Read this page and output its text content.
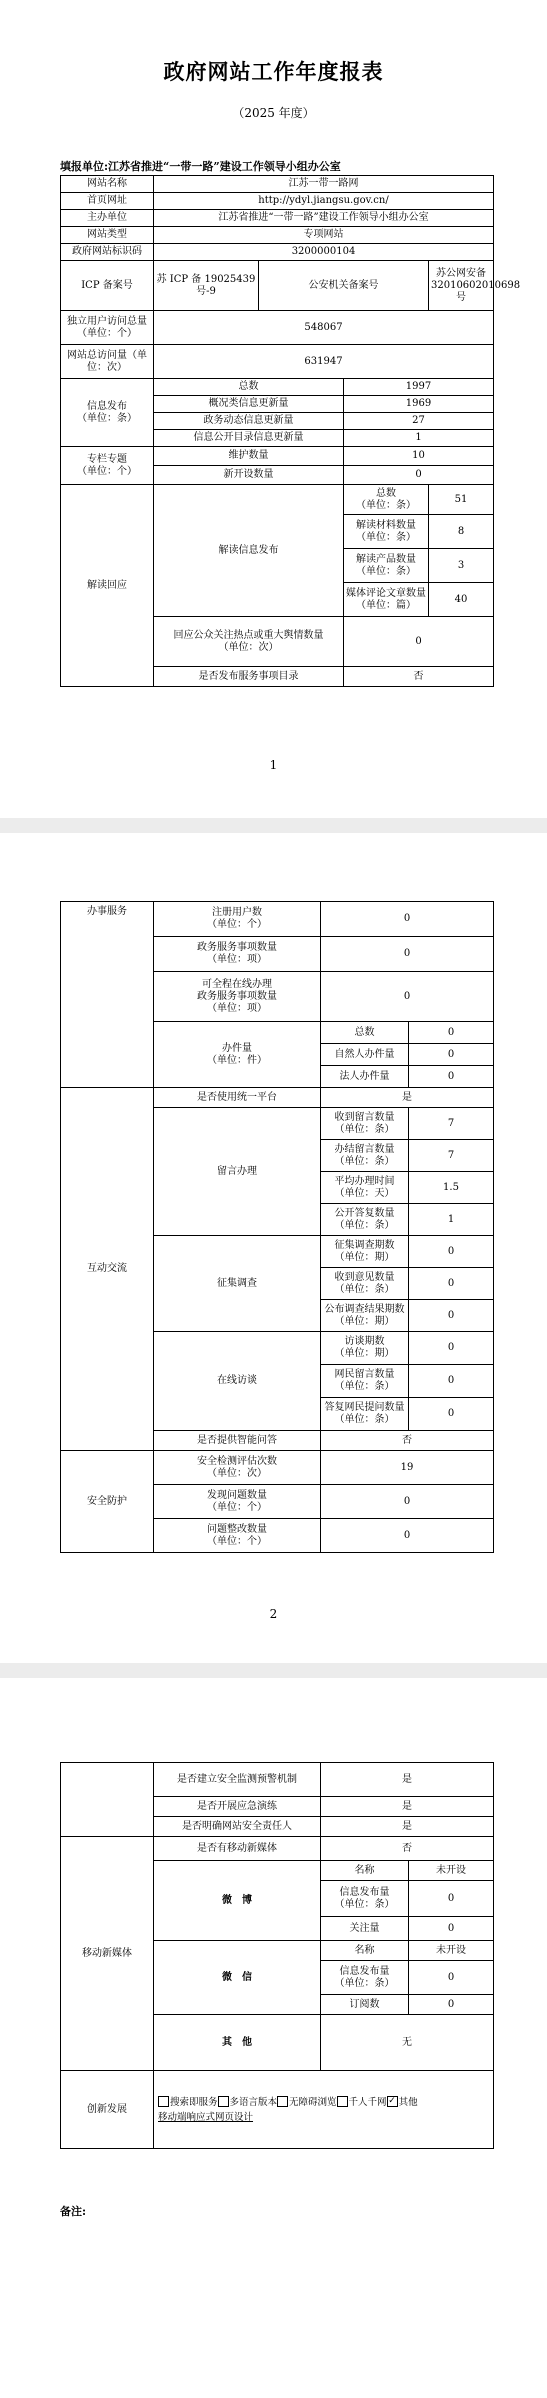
政府网站工作年度报表
（2025 年度）
填报单位:江苏省推进“一带一路”建设工作领导小组办公室
网站名称	江苏一带一路网			
首页网址	http://ydyl.jiangsu.gov.cn/			
主办单位	江苏省推进“一带一路”建设工作领导小组办公室			
网站类型	专项网站			
政府网站标识码	3200000104			
ICP 备案号	苏 ICP 备 19025439 号-9	公安机关备案号		苏公网安备 32010602010698 号
独立用户访问总量（单位：个）	548067			
网站总访问量（单位：次）	631947			
信息发布
（单位：条）	总数		1997	
	概况类信息更新量		1969	
	政务动态信息更新量		27	
	信息公开目录信息更新量		1	
专栏专题
（单位：个）	维护数量		10	
	新开设数量		0	
解读回应	解读信息发布		总数
（单位：条）	51
			解读材料数量
（单位：条）	8
			解读产品数量
（单位：条）	3
			媒体评论文章数量
（单位：篇）	40
	回应公众关注热点或重大舆情数量（单位：次）		0	
	是否发布服务事项目录		否	
1
办事服务	注册用户数
（单位：个）	0	
	政务服务事项数量
（单位：项）	0	
	可全程在线办理
政务服务事项数量
（单位：项）	0	
	办件量
（单位：件）	总数	0
		自然人办件量	0
		法人办件量	0
互动交流	是否使用统一平台	是	
	留言办理	收到留言数量
（单位：条）	7
		办结留言数量
（单位：条）	7
		平均办理时间
（单位：天）	1.5
		公开答复数量
（单位：条）	1
	征集调查	征集调查期数
（单位：期）	0
		收到意见数量
（单位：条）	0
		公布调查结果期数
（单位：期）	0
	在线访谈	访谈期数
（单位：期）	0
		网民留言数量
（单位：条）	0
		答复网民提问数量
（单位：条）	0
	是否提供智能问答	否	
安全防护	安全检测评估次数
（单位：次）	19	
	发现问题数量
（单位：个）	0	
	问题整改数量
（单位：个）	0	
2
	是否建立安全监测预警机制	是	
	是否开展应急演练	是	
	是否明确网站安全责任人	是	
移动新媒体	是否有移动新媒体	否	
	微　博	名称	未开设
		信息发布量
（单位：条）	0
		关注量	0
	微　信	名称	未开设
		信息发布量
（单位：条）	0
		订阅数	0
	其　他	无	
创新发展	搜索即服务 多语言版本 无障碍浏览 千人千网 ✓ 其他
移动端响应式网页设计		
备注:
